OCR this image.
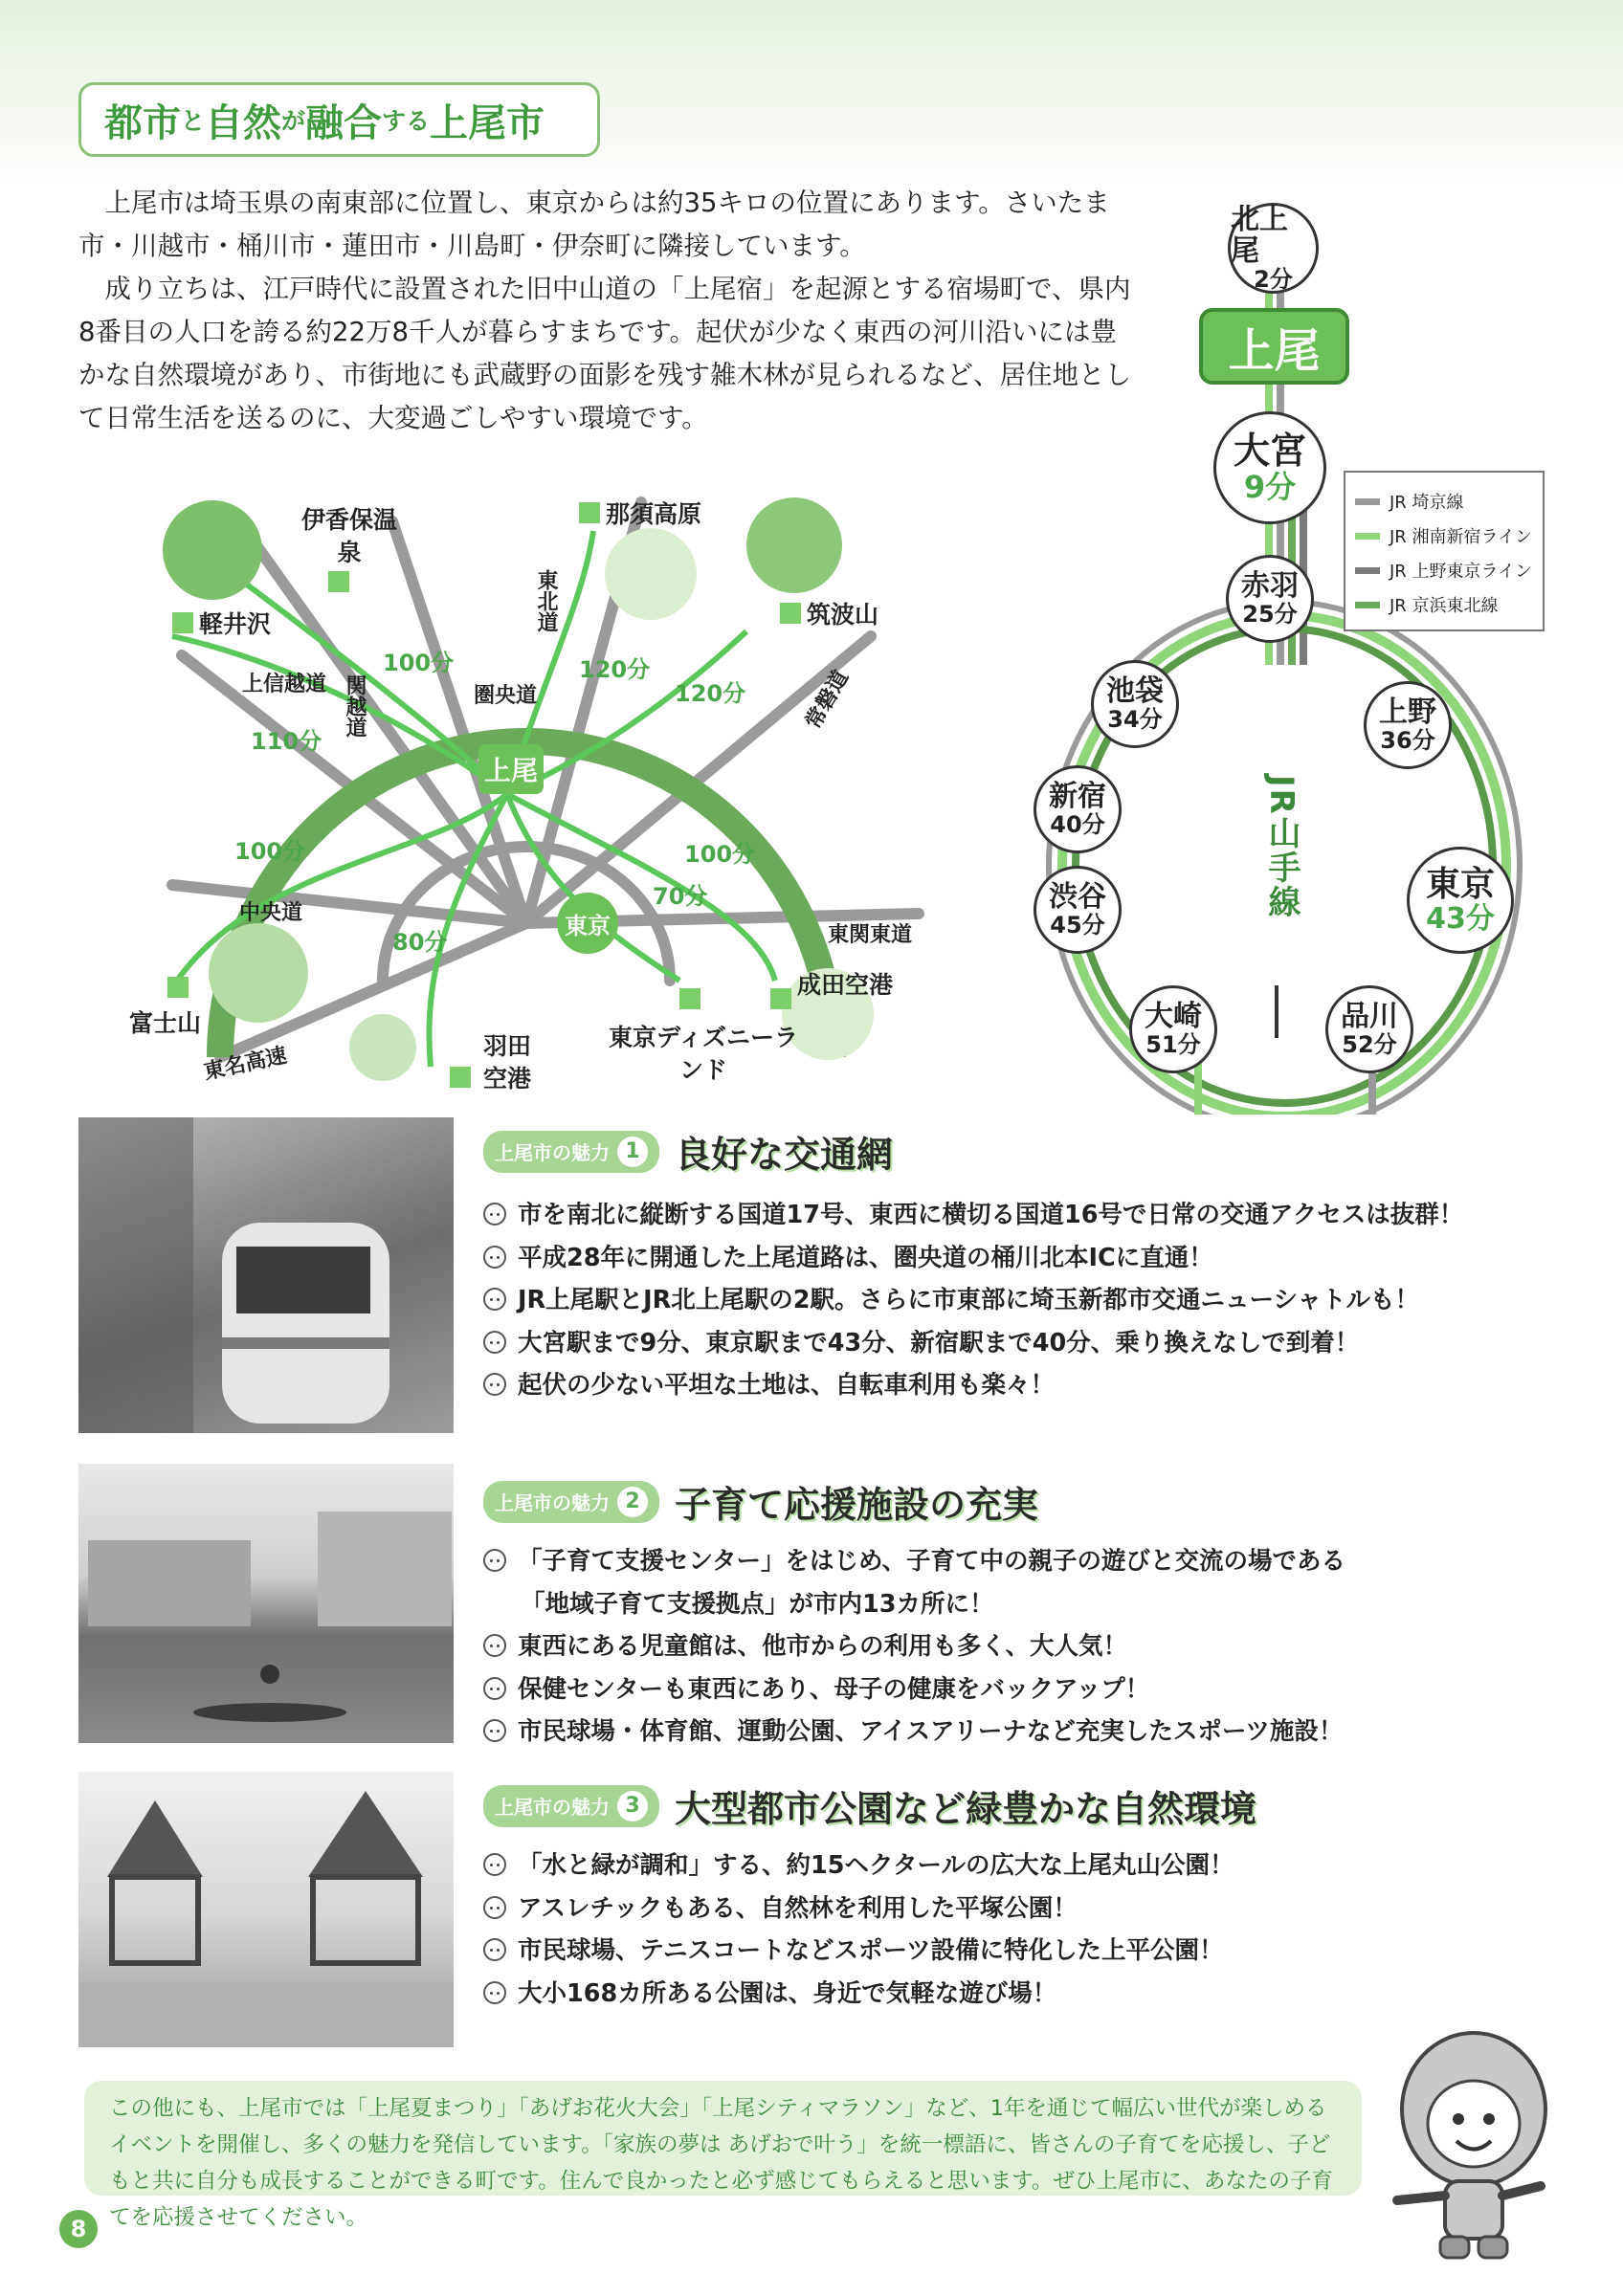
都市 と 自然 が 融合 する 上尾市

上尾市は埼玉県の南東部に位置し、東京からは約35キロの位置にあります。さいたま市・川越市・桶川市・蓮田市・川島町・伊奈町に隣接しています。

成り立ちは、江戸時代に設置された旧中山道の「上尾宿」を起源とする宿場町で、県内8番目の人口を誇る約22万8千人が暮らすまちです。起伏が少なく東西の河川沿いには豊かな自然環境があり、市街地にも武蔵野の面影を残す雑木林が見られるなど、居住地として日常生活を送るのに、大変過ごしやすい環境です。

JR山手線
北上尾
2分
上尾
大宮
9分
赤羽
25分
池袋
34分	上野
36分
新宿
40分
東京
43分
渋谷
45分
大崎
51分
品川
52分
JR 埼京線
JR 湘南新宿ライン
JR 上野東京ライン
JR 京浜東北線
上尾
東京
軽井沢
伊香保温泉
那須高原
筑波山
富士山
羽田空港
東京ディズニーランド
成田空港
110分
100分	120分
120分
100分
80分
70分
100分
上信越道 関越道
東北道
圏央道	常磐道
中央道
東関東道
東名高速
上尾市の魅力 1 良好な交通網
市を南北に縦断する国道17号、東西に横切る国道16号で日常の交通アクセスは抜群！
平成28年に開通した上尾道路は、圏央道の桶川北本ICに直通！
JR上尾駅とJR北上尾駅の2駅。さらに市東部に埼玉新都市交通ニューシャトルも！
大宮駅まで9分、東京駅まで43分、新宿駅まで40分、乗り換えなしで到着！
起伏の少ない平坦な土地は、自転車利用も楽々！
上尾市の魅力 2 子育て応援施設の充実
「子育て支援センター」をはじめ、子育て中の親子の遊びと交流の場である
「地域子育て支援拠点」が市内13カ所に！
東西にある児童館は、他市からの利用も多く、大人気！
保健センターも東西にあり、母子の健康をバックアップ！
市民球場・体育館、運動公園、アイスアリーナなど充実したスポーツ施設！
上尾市の魅力 3 大型都市公園など緑豊かな自然環境
「水と緑が調和」する、約15ヘクタールの広大な上尾丸山公園！
アスレチックもある、自然林を利用した平塚公園！
市民球場、テニスコートなどスポーツ設備に特化した上平公園！
大小168カ所ある公園は、身近で気軽な遊び場！
この他にも、上尾市では「上尾夏まつり」「あげお花火大会」「上尾シティマラソン」など、1年を通じて幅広い世代が楽しめるイベントを開催し、多くの魅力を発信しています。「家族の夢は あげおで叶う」を統一標語に、皆さんの子育てを応援し、子どもと共に自分も成長することができる町です。住んで良かったと必ず感じてもらえると思います。ぜひ上尾市に、あなたの子育てを応援させてください。
8
